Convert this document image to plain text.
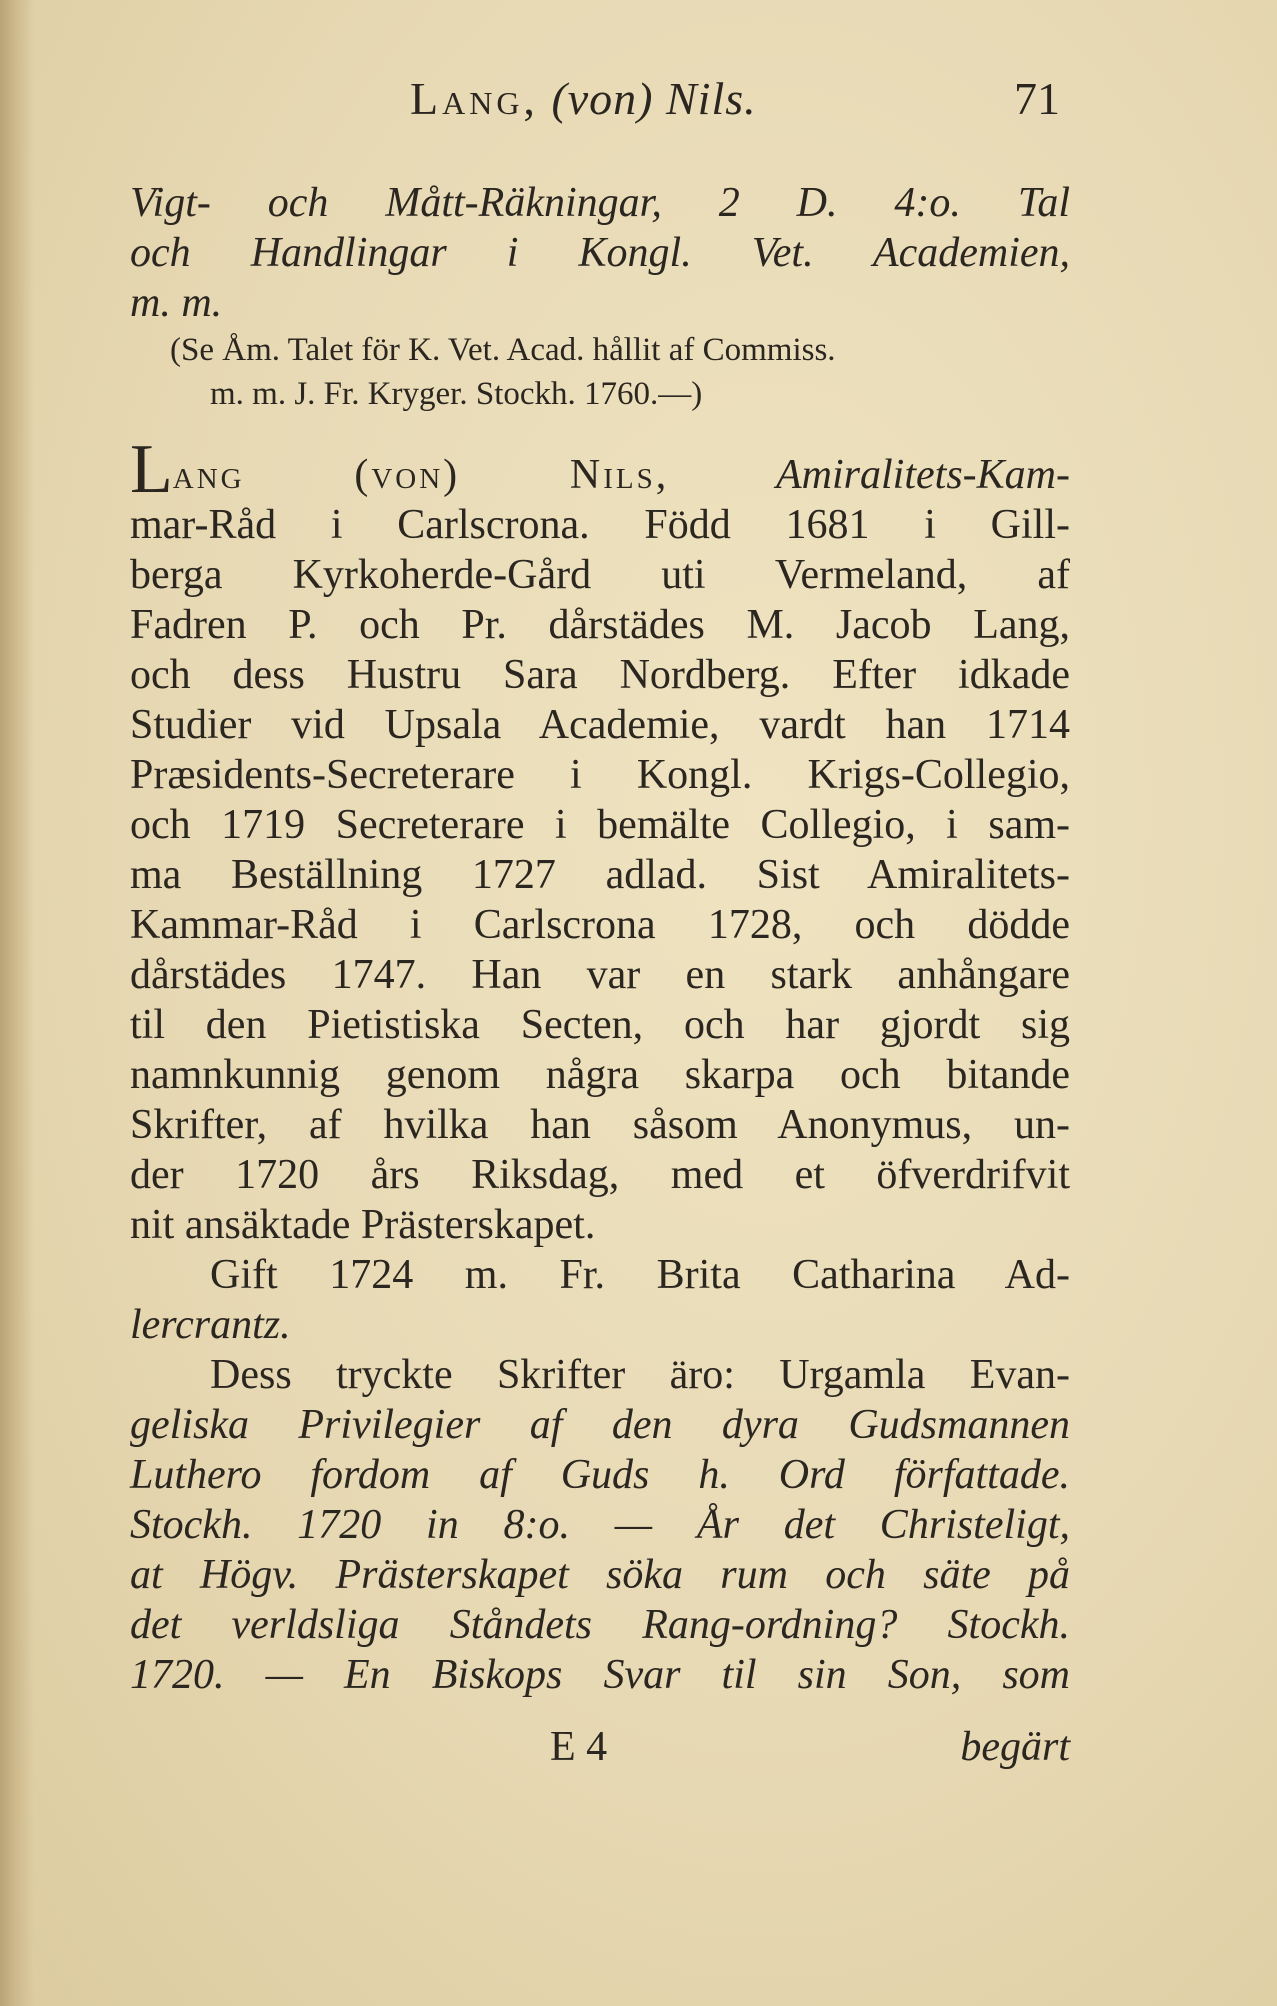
Lang, (von) Nils.	71
Vigt- och Mått-Räkningar, 2 D. 4:o. Tal
och Handlingar i Kongl. Vet. Academien,
m. m.
(Se Åm. Talet för K. Vet. Acad. hållit af Commiss.
m. m. J. Fr. Kryger. Stockh. 1760.—)
Lang (von) Nils,	Amiralitets-Kam-
mar-Råd i Carlscrona. Född 1681 i Gill-
berga Kyrkoherde-Gård uti Vermeland, af
Fadren P. och Pr. dårstädes M. Jacob Lang,
och dess Hustru Sara Nordberg. Efter idkade
Studier vid Upsala Academie, vardt han 1714
Præsidents-Secreterare i Kongl. Krigs-Collegio,
och 1719 Secreterare i bemälte Collegio, i sam-
ma Beställning 1727 adlad. Sist Amiralitets-
Kammar-Råd i Carlscrona 1728, och dödde
dårstädes 1747. Han var en stark anhångare
til den Pietistiska Secten, och har gjordt sig
namnkunnig genom några skarpa och bitande
Skrifter, af hvilka han såsom Anonymus, un-
der 1720 års Riksdag, med et öfverdrifvit
nit ansäktade Prästerskapet.
Gift 1724 m. Fr. Brita Catharina Ad-
lercrantz.
Dess tryckte Skrifter äro: Urgamla Evan-
geliska Privilegier af den dyra Gudsmannen
Luthero fordom af Guds h. Ord författade.
Stockh. 1720 in 8:o. — År det Christeligt,
at Högv. Prästerskapet söka rum och säte på
det verldsliga Ståndets Rang-ordning? Stockh.
1720. — En Biskops Svar til sin Son, som
E 4	begärt
